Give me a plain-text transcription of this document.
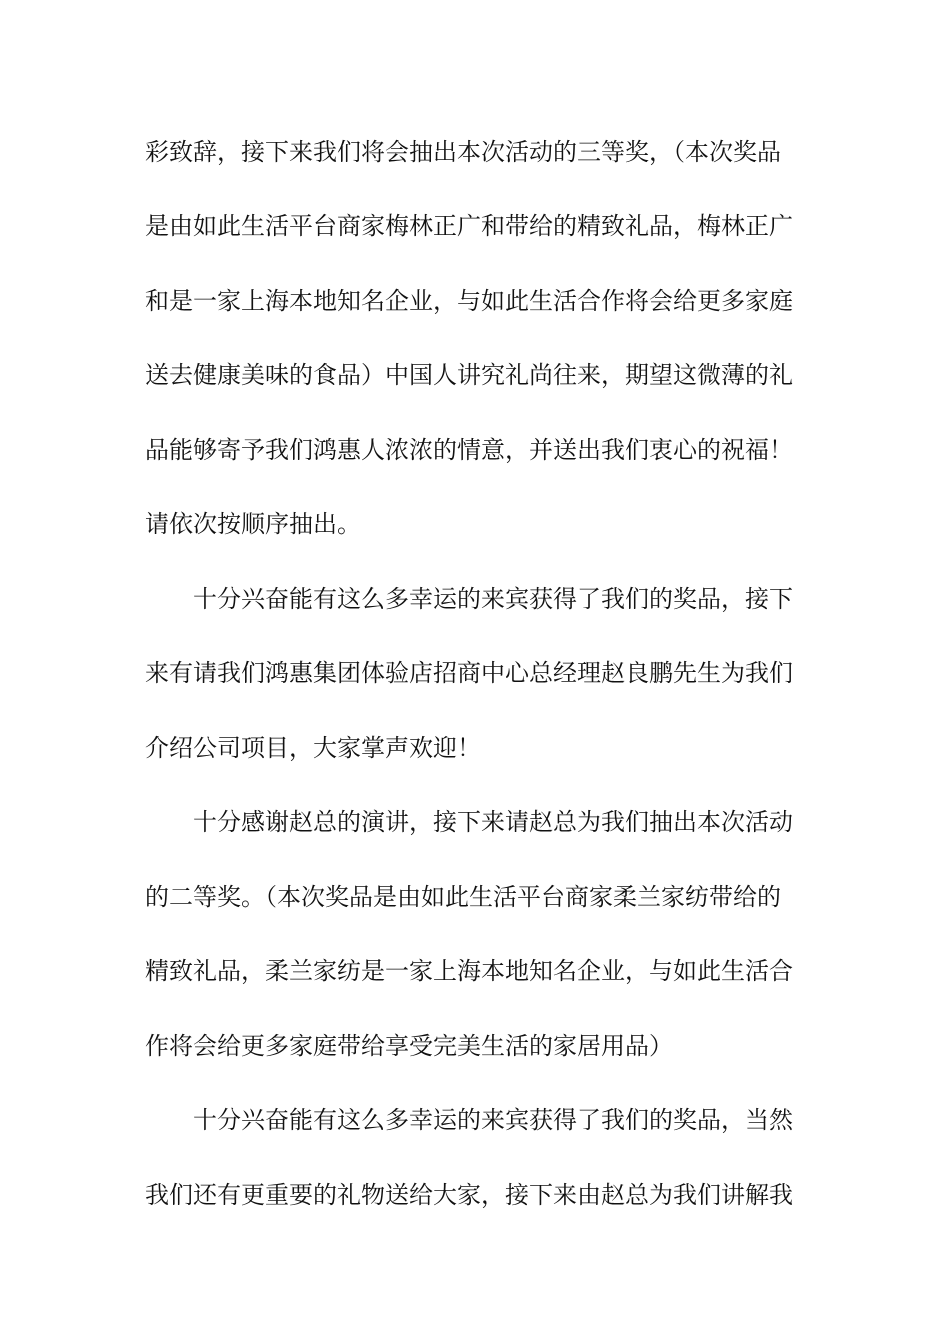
彩致辞，接下来我们将会抽出本次活动的三等奖，（本次奖品
是由如此生活平台商家梅林正广和带给的精致礼品，梅林正广
和是一家上海本地知名企业，与如此生活合作将会给更多家庭
送去健康美味的食品）中国人讲究礼尚往来，期望这微薄的礼
品能够寄予我们鸿惠人浓浓的情意，并送出我们衷心的祝福！
请依次按顺序抽出。
十分兴奋能有这么多幸运的来宾获得了我们的奖品，接下
来有请我们鸿惠集团体验店招商中心总经理赵良鹏先生为我们
介绍公司项目，大家掌声欢迎！
十分感谢赵总的演讲，接下来请赵总为我们抽出本次活动
的二等奖。（本次奖品是由如此生活平台商家柔兰家纺带给的
精致礼品，柔兰家纺是一家上海本地知名企业，与如此生活合
作将会给更多家庭带给享受完美生活的家居用品）
十分兴奋能有这么多幸运的来宾获得了我们的奖品，当然
我们还有更重要的礼物送给大家，接下来由赵总为我们讲解我
